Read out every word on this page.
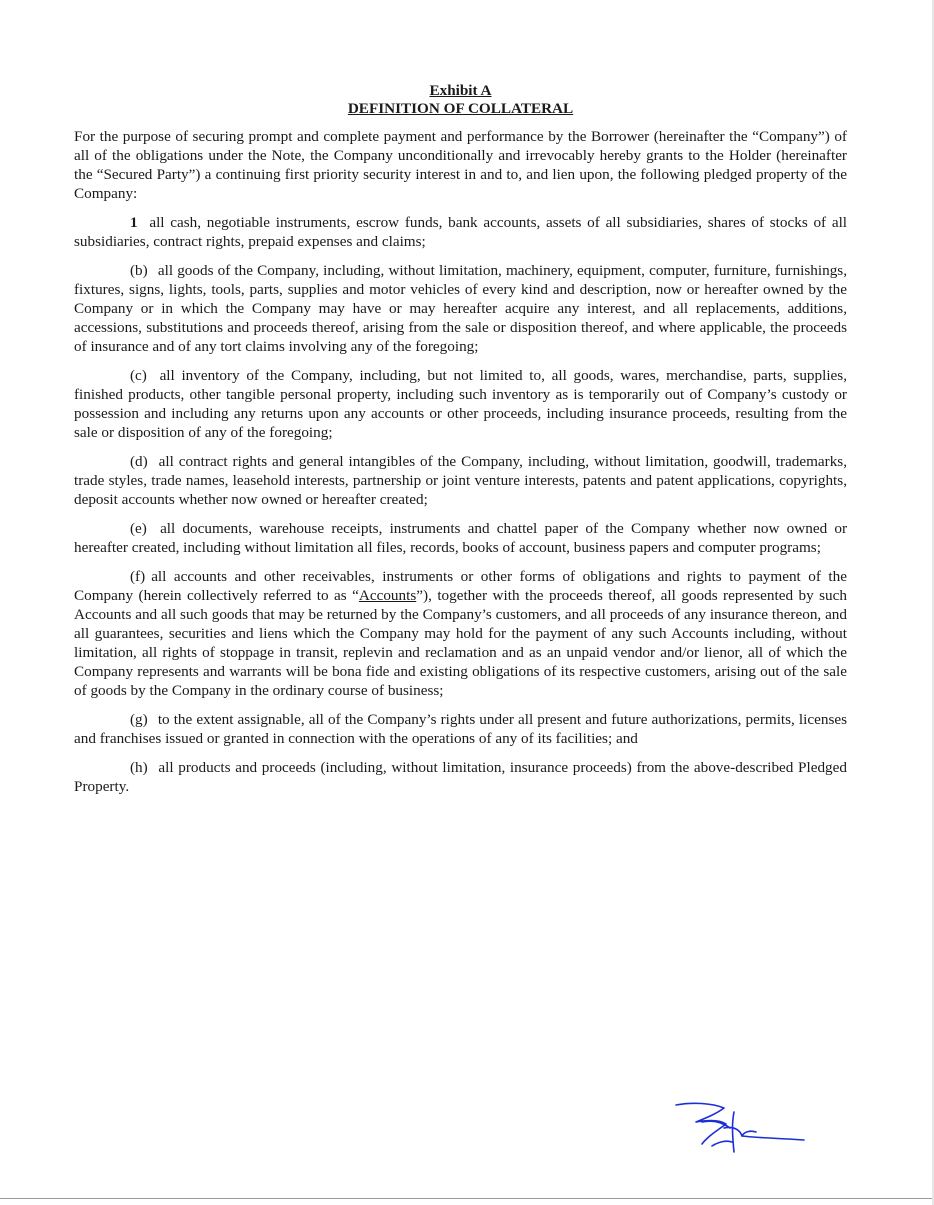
Exhibit A

DEFINITION OF COLLATERAL

For the purpose of securing prompt and complete payment and performance by the Borrower (hereinafter the “Company”) of all of the obligations under the Note, the Company unconditionally and irrevocably hereby grants to the Holder (hereinafter the “Secured Party”) a continuing first priority security interest in and to, and lien upon, the following pledged property of the Company:

1 all cash, negotiable instruments, escrow funds, bank accounts, assets of all subsidiaries, shares of stocks of all subsidiaries, contract rights, prepaid expenses and claims;

(b) all goods of the Company, including, without limitation, machinery, equipment, computer, furniture, furnishings, fixtures, signs, lights, tools, parts, supplies and motor vehicles of every kind and description, now or hereafter owned by the Company or in which the Company may have or may hereafter acquire any interest, and all replacements, additions, accessions, substitutions and proceeds thereof, arising from the sale or disposition thereof, and where applicable, the proceeds of insurance and of any tort claims involving any of the foregoing;

(c) all inventory of the Company, including, but not limited to, all goods, wares, merchandise, parts, supplies, finished products, other tangible personal property, including such inventory as is temporarily out of Company’s custody or possession and including any returns upon any accounts or other proceeds, including insurance proceeds, resulting from the sale or disposition of any of the foregoing;

(d) all contract rights and general intangibles of the Company, including, without limitation, goodwill, trademarks, trade styles, trade names, leasehold interests, partnership or joint venture interests, patents and patent applications, copyrights, deposit accounts whether now owned or hereafter created;

(e) all documents, warehouse receipts, instruments and chattel paper of the Company whether now owned or hereafter created, including without limitation all files, records, books of account, business papers and computer programs;

(f) all accounts and other receivables, instruments or other forms of obligations and rights to payment of the Company (herein collectively referred to as “Accounts”), together with the proceeds thereof, all goods represented by such Accounts and all such goods that may be returned by the Company’s customers, and all proceeds of any insurance thereon, and all guarantees, securities and liens which the Company may hold for the payment of any such Accounts including, without limitation, all rights of stoppage in transit, replevin and reclamation and as an unpaid vendor and/or lienor, all of which the Company represents and warrants will be bona fide and existing obligations of its respective customers, arising out of the sale of goods by the Company in the ordinary course of business;

(g) to the extent assignable, all of the Company’s rights under all present and future authorizations, permits, licenses and franchises issued or granted in connection with the operations of any of its facilities; and

(h) all products and proceeds (including, without limitation, insurance proceeds) from the above-described Pledged Property.
